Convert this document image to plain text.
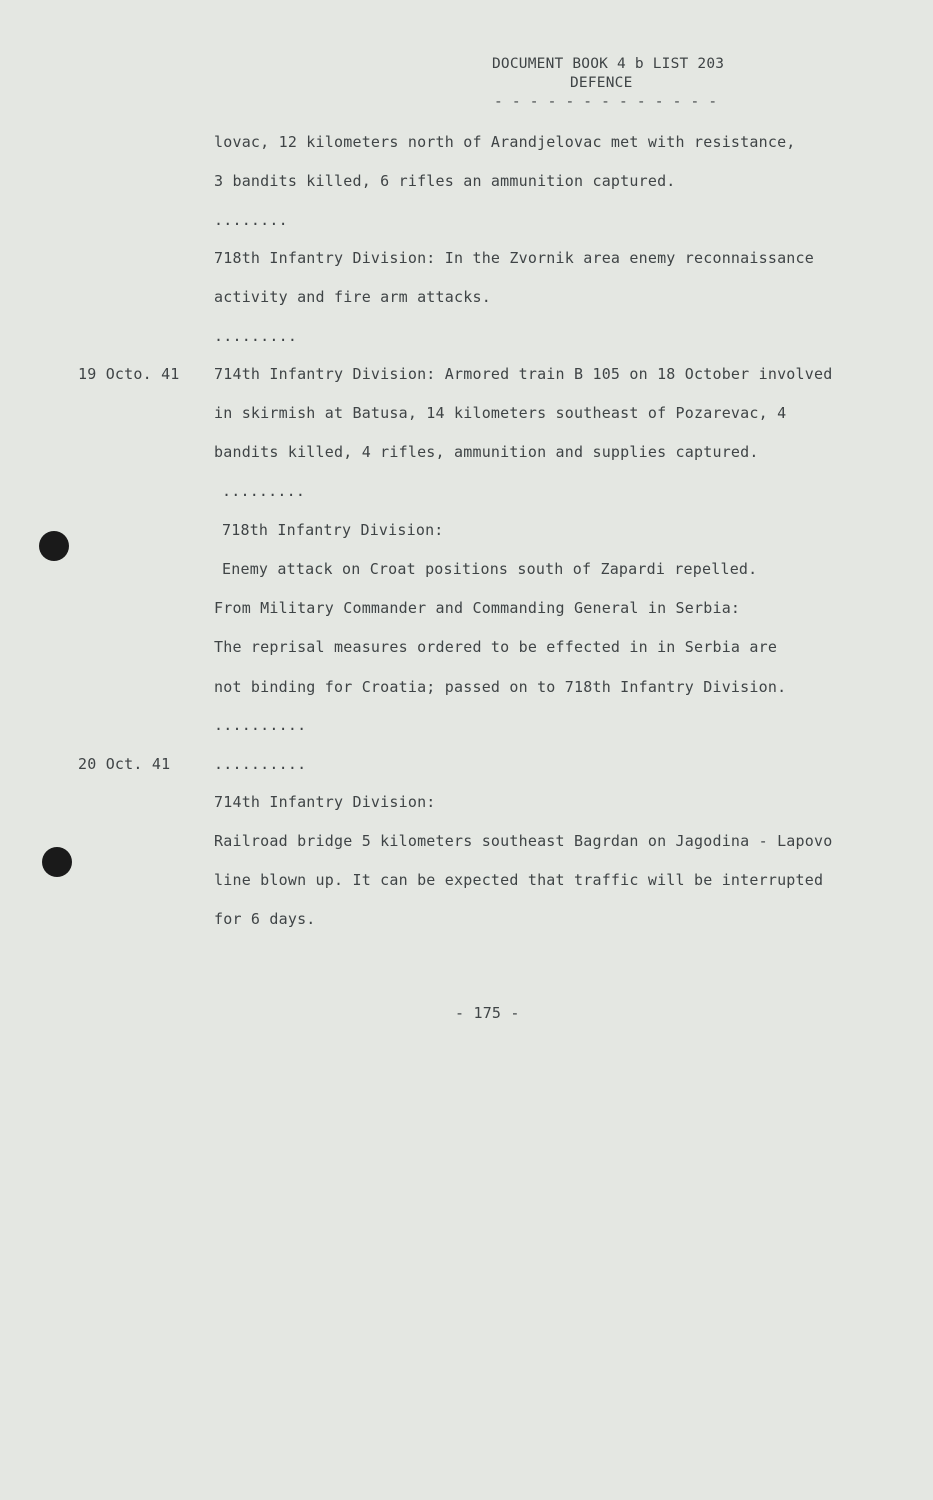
DOCUMENT BOOK 4 b LIST 203
DEFENCE
- - - - - - - - - - - - -
lovac, 12 kilometers north of Arandjelovac met with resistance,
3 bandits killed, 6 rifles an ammunition captured.
........
718th Infantry Division: In the Zvornik area enemy reconnaissance
activity and fire arm attacks.
.........
19 Octo. 41 714th Infantry Division: Armored train B 105 on 18 October involved
in skirmish at Batusa, 14 kilometers southeast of Pozarevac, 4
bandits killed, 4 rifles, ammunition and supplies captured.
.........
718th Infantry Division:
Enemy attack on Croat positions south of Zapardi repelled.
From Military Commander and Commanding General in Serbia:
The reprisal measures ordered to be effected in in Serbia are
not binding for Croatia; passed on to 718th Infantry Division.
..........
20 Oct. 41	..........
714th Infantry Division:
Railroad bridge 5 kilometers southeast Bagrdan on Jagodina - Lapovo
line blown up. It can be expected that traffic will be interrupted
for 6 days.
- 175 -
